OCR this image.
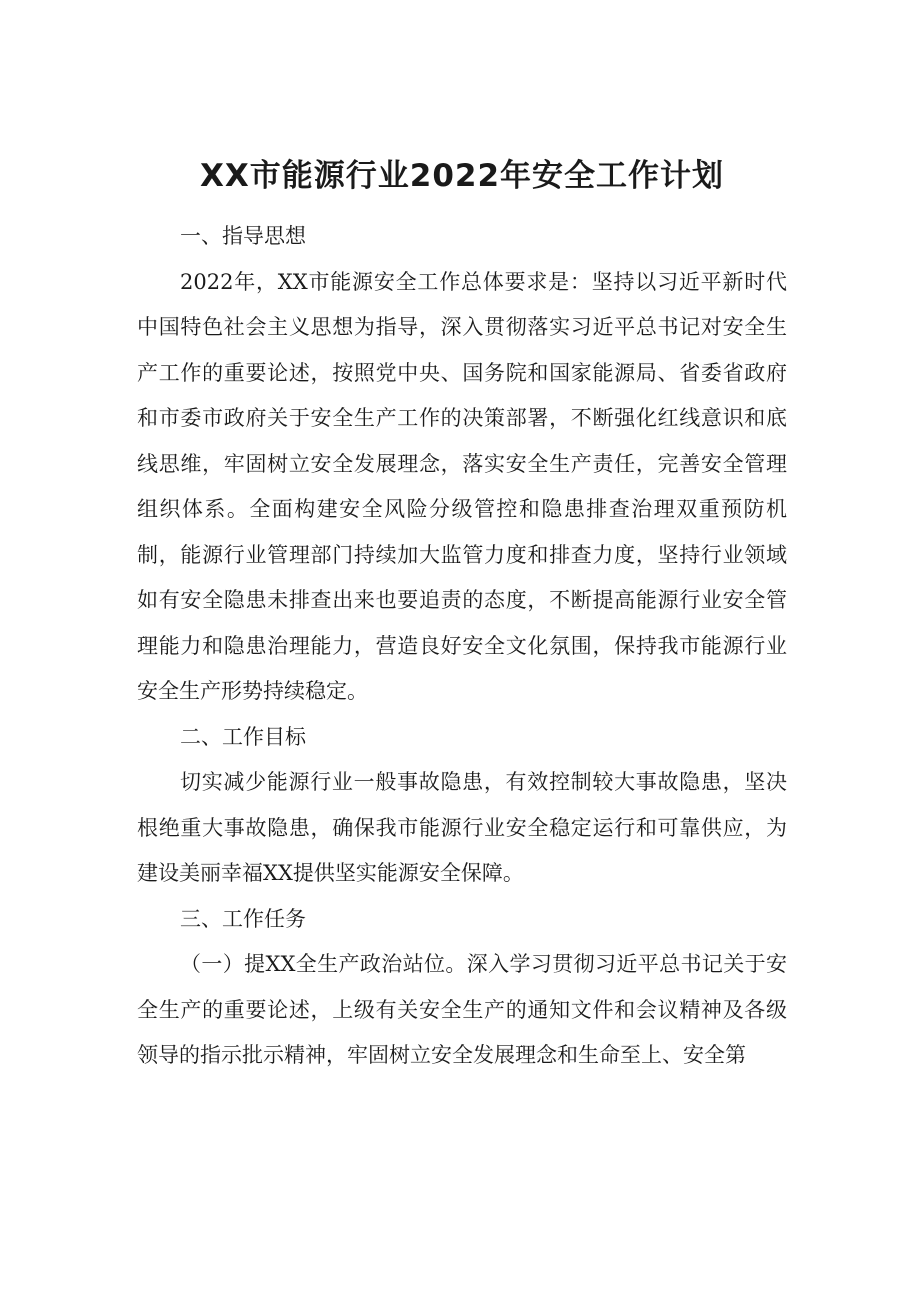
XX市能源行业2022年安全工作计划

一、指导思想

2022年，XX市能源安全工作总体要求是：坚持以习近平新时代中国特色社会主义思想为指导，深入贯彻落实习近平总书记对安全生产工作的重要论述，按照党中央、国务院和国家能源局、省委省政府和市委市政府关于安全生产工作的决策部署，不断强化红线意识和底线思维，牢固树立安全发展理念，落实安全生产责任，完善安全管理组织体系。全面构建安全风险分级管控和隐患排查治理双重预防机制，能源行业管理部门持续加大监管力度和排查力度，坚持行业领域如有安全隐患未排查出来也要追责的态度，不断提高能源行业安全管理能力和隐患治理能力，营造良好安全文化氛围，保持我市能源行业安全生产形势持续稳定。

二、工作目标

切实减少能源行业一般事故隐患，有效控制较大事故隐患，坚决根绝重大事故隐患，确保我市能源行业安全稳定运行和可靠供应，为建设美丽幸福XX提供坚实能源安全保障。

三、工作任务

（一）提XX全生产政治站位。深入学习贯彻习近平总书记关于安全生产的重要论述，上级有关安全生产的通知文件和会议精神及各级领导的指示批示精神，牢固树立安全发展理念和生命至上、安全第
